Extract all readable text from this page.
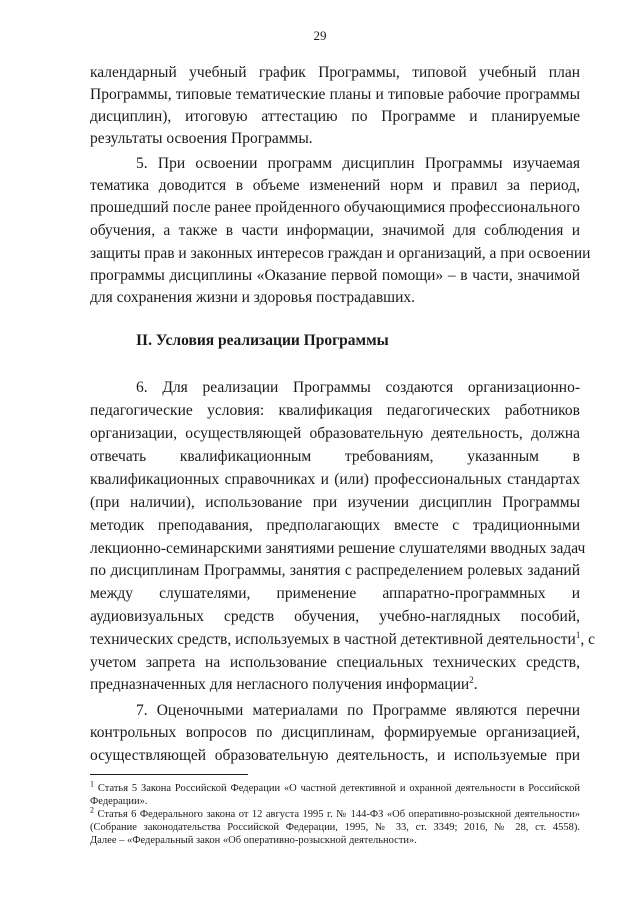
29
календарный учебный график Программы, типовой учебный план
Программы, типовые тематические планы и типовые рабочие программы
дисциплин), итоговую аттестацию по Программе и планируемые
результаты освоения Программы.
5. При освоении программ дисциплин Программы изучаемая
тематика доводится в объеме изменений норм и правил за период,
прошедший после ранее пройденного обучающимися профессионального
обучения, а также в части информации, значимой для соблюдения и
защиты прав и законных интересов граждан и организаций, а при освоении
программы дисциплины «Оказание первой помощи» – в части, значимой
для сохранения жизни и здоровья пострадавших.
II. Условия реализации Программы
6. Для реализации Программы создаются организационно-
педагогические условия: квалификация педагогических работников
организации, осуществляющей образовательную деятельность, должна
отвечать квалификационным требованиям, указанным в
квалификационных справочниках и (или) профессиональных стандартах
(при наличии), использование при изучении дисциплин Программы
методик преподавания, предполагающих вместе с традиционными
лекционно-семинарскими занятиями решение слушателями вводных задач
по дисциплинам Программы, занятия с распределением ролевых заданий
между слушателями, применение аппаратно-программных и
аудиовизуальных средств обучения, учебно-наглядных пособий,
технических средств, используемых в частной детективной деятельности$^1$, с
учетом запрета на использование специальных технических средств,
предназначенных для негласного получения информации$^2$.
7. Оценочными материалами по Программе являются перечни
контрольных вопросов по дисциплинам, формируемые организацией,
осуществляющей образовательную деятельность, и используемые при
$^1$ Статья 5 Закона Российской Федерации «О частной детективной и охранной деятельности в Российской
Федерации».
$^2$ Статья 6 Федерального закона от 12 августа 1995 г. № 144-ФЗ «Об оперативно-розыскной деятельности»
(Собрание законодательства Российской Федерации, 1995, № 33, ст. 3349; 2016, № 28, ст. 4558).
Далее – «Федеральный закон «Об оперативно-розыскной деятельности».
